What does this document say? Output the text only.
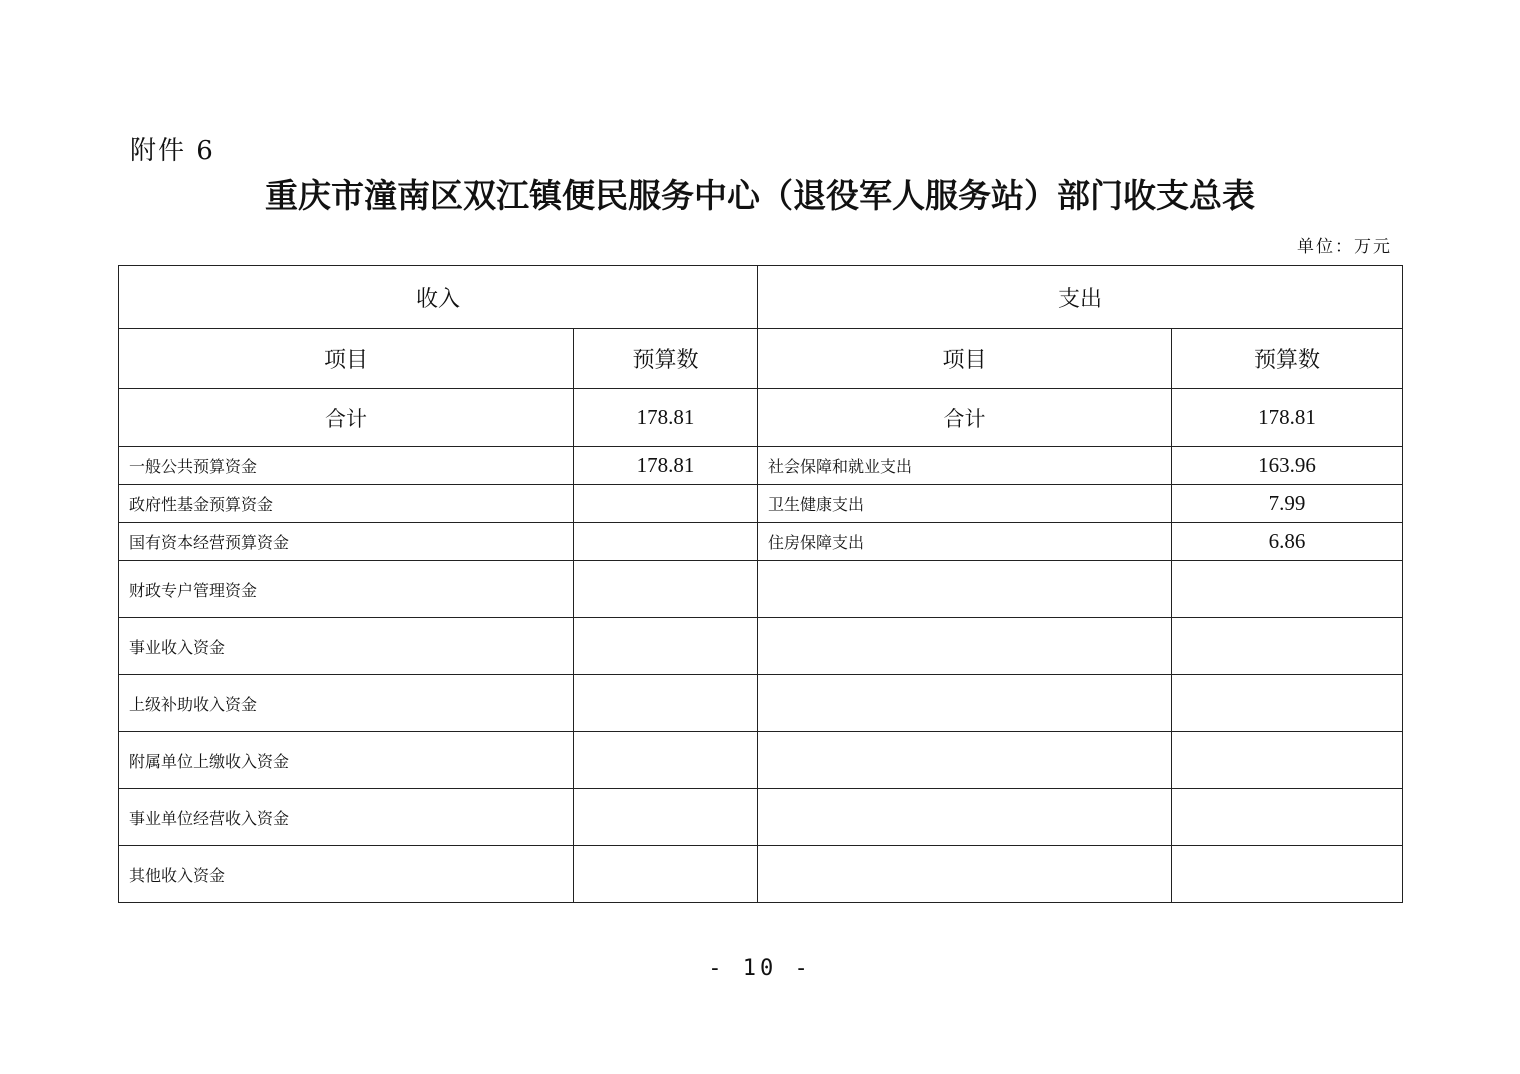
附件 6
重庆市潼南区双江镇便民服务中心（退役军人服务站）部门收支总表
单位：万元
收入		支出	
项目	预算数	项目	预算数
合计	178.81	合计	178.81
一般公共预算资金	178.81	社会保障和就业支出	163.96
政府性基金预算资金		卫生健康支出	7.99
国有资本经营预算资金		住房保障支出	6.86
财政专户管理资金			
事业收入资金			
上级补助收入资金			
附属单位上缴收入资金			
事业单位经营收入资金			
其他收入资金			
- 10 -
